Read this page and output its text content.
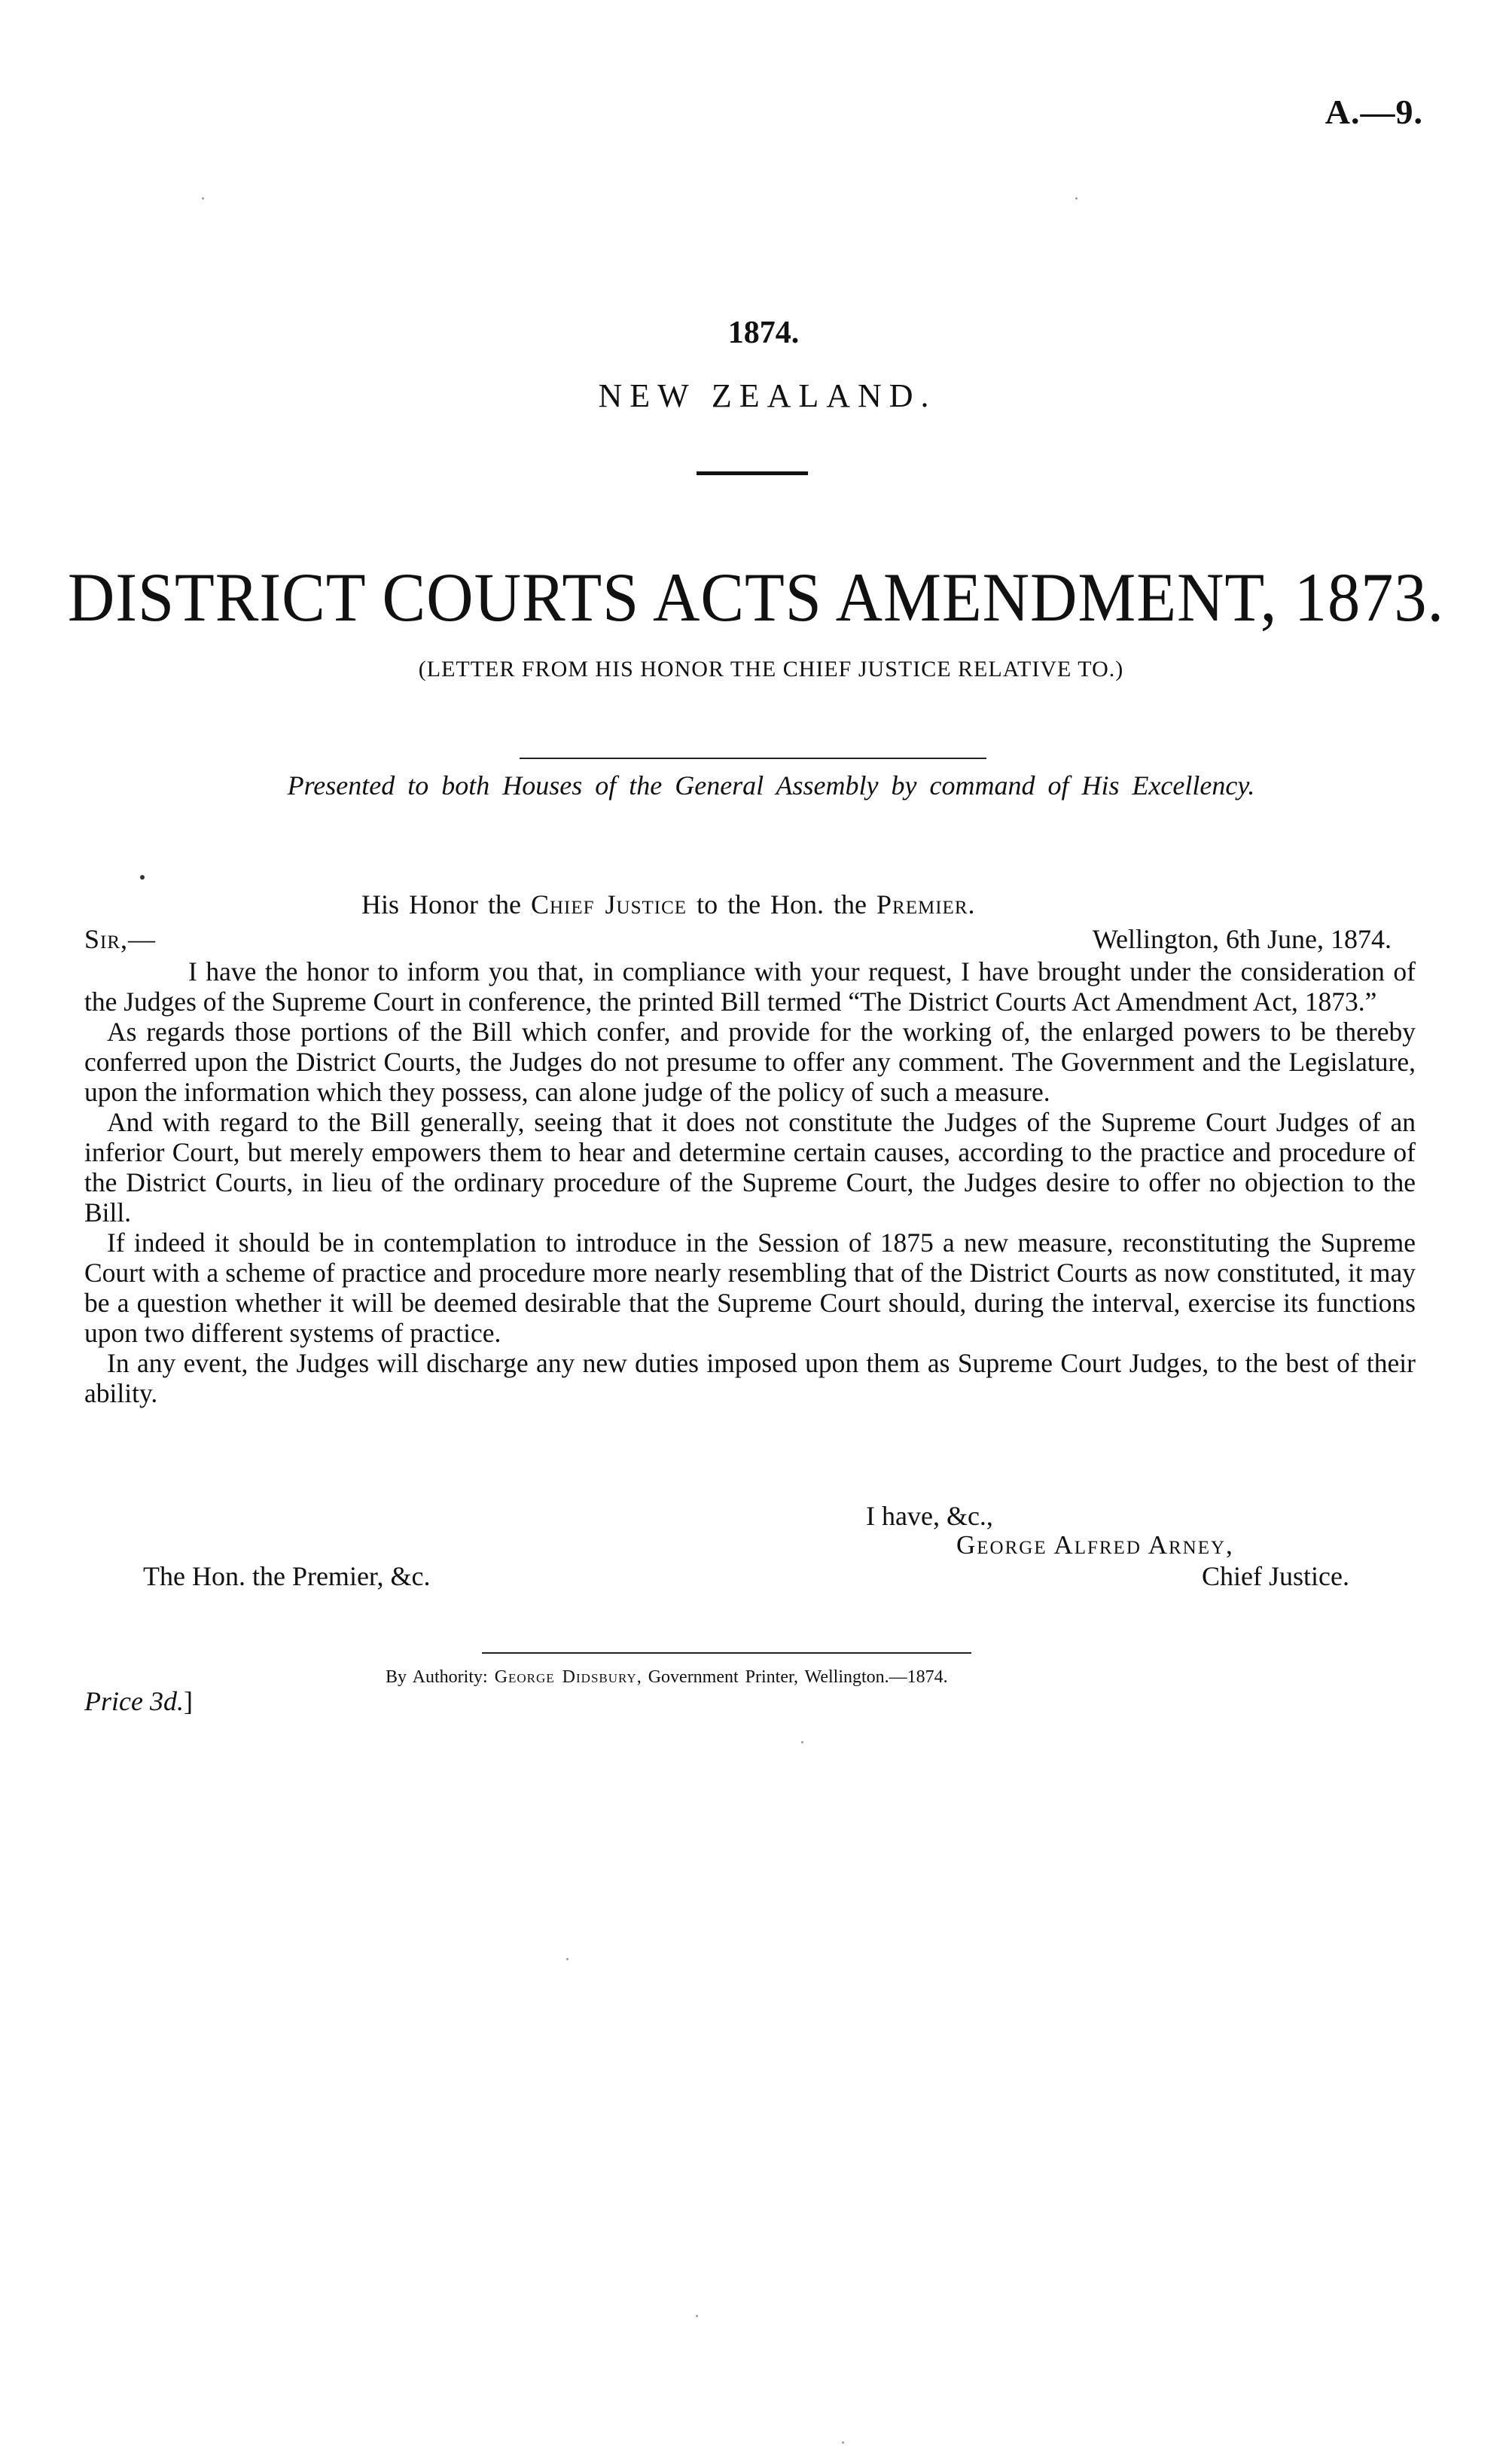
A.—9.
1874.
NEW ZEALAND.
DISTRICT COURTS ACTS AMENDMENT, 1873.
(LETTER FROM HIS HONOR THE CHIEF JUSTICE RELATIVE TO.)
Presented to both Houses of the General Assembly by command of His Excellency.
His Honor the Chief Justice to the Hon. the Premier.
Sir,—	Wellington, 6th June, 1874.

I have the honor to inform you that, in compliance with your request, I have brought under the consideration of the Judges of the Supreme Court in conference, the printed Bill termed “The District Courts Act Amendment Act, 1873.”

As regards those portions of the Bill which confer, and provide for the working of, the enlarged powers to be thereby conferred upon the District Courts, the Judges do not presume to offer any comment. The Government and the Legislature, upon the information which they possess, can alone judge of the policy of such a measure.

And with regard to the Bill generally, seeing that it does not constitute the Judges of the Supreme Court Judges of an inferior Court, but merely empowers them to hear and determine certain causes, according to the practice and procedure of the District Courts, in lieu of the ordinary procedure of the Supreme Court, the Judges desire to offer no objection to the Bill.

If indeed it should be in contemplation to introduce in the Session of 1875 a new measure, reconstituting the Supreme Court with a scheme of practice and procedure more nearly resembling that of the District Courts as now constituted, it may be a question whether it will be deemed desirable that the Supreme Court should, during the interval, exercise its functions upon two different systems of practice.

In any event, the Judges will discharge any new duties imposed upon them as Supreme Court Judges, to the best of their ability.

I have, &c.,
George Alfred Arney,
The Hon. the Premier, &c.	Chief Justice.
Price 3d.]
By Authority: George Didsbury, Government Printer, Wellington.—1874.
